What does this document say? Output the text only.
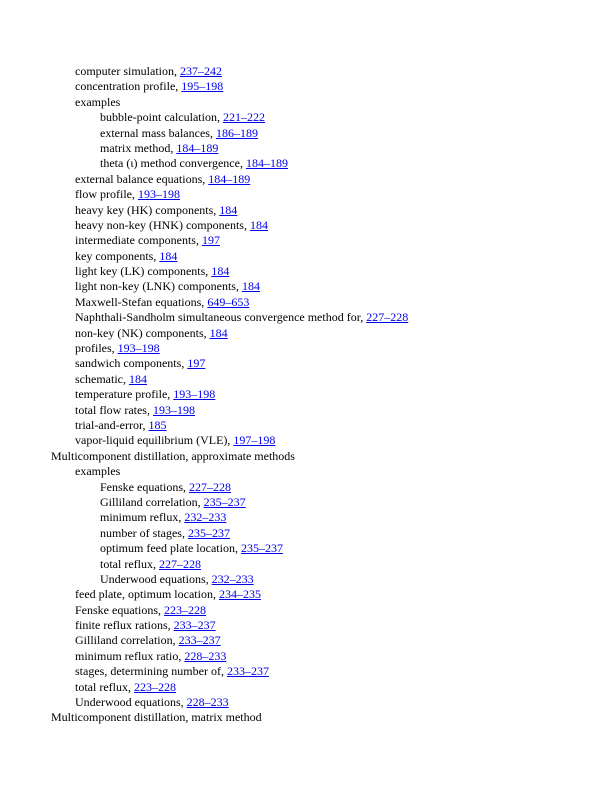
computer simulation, 237–242
concentration profile, 195–198
examples
bubble-point calculation, 221–222
external mass balances, 186–189
matrix method, 184–189
theta (ι) method convergence, 184–189
external balance equations, 184–189
flow profile, 193–198
heavy key (HK) components, 184
heavy non-key (HNK) components, 184
intermediate components, 197
key components, 184
light key (LK) components, 184
light non-key (LNK) components, 184
Maxwell-Stefan equations, 649–653
Naphthali-Sandholm simultaneous convergence method for, 227–228
non-key (NK) components, 184
profiles, 193–198
sandwich components, 197
schematic, 184
temperature profile, 193–198
total flow rates, 193–198
trial-and-error, 185
vapor-liquid equilibrium (VLE), 197–198
Multicomponent distillation, approximate methods
examples
Fenske equations, 227–228
Gilliland correlation, 235–237
minimum reflux, 232–233
number of stages, 235–237
optimum feed plate location, 235–237
total reflux, 227–228
Underwood equations, 232–233
feed plate, optimum location, 234–235
Fenske equations, 223–228
finite reflux rations, 233–237
Gilliland correlation, 233–237
minimum reflux ratio, 228–233
stages, determining number of, 233–237
total reflux, 223–228
Underwood equations, 228–233
Multicomponent distillation, matrix method
